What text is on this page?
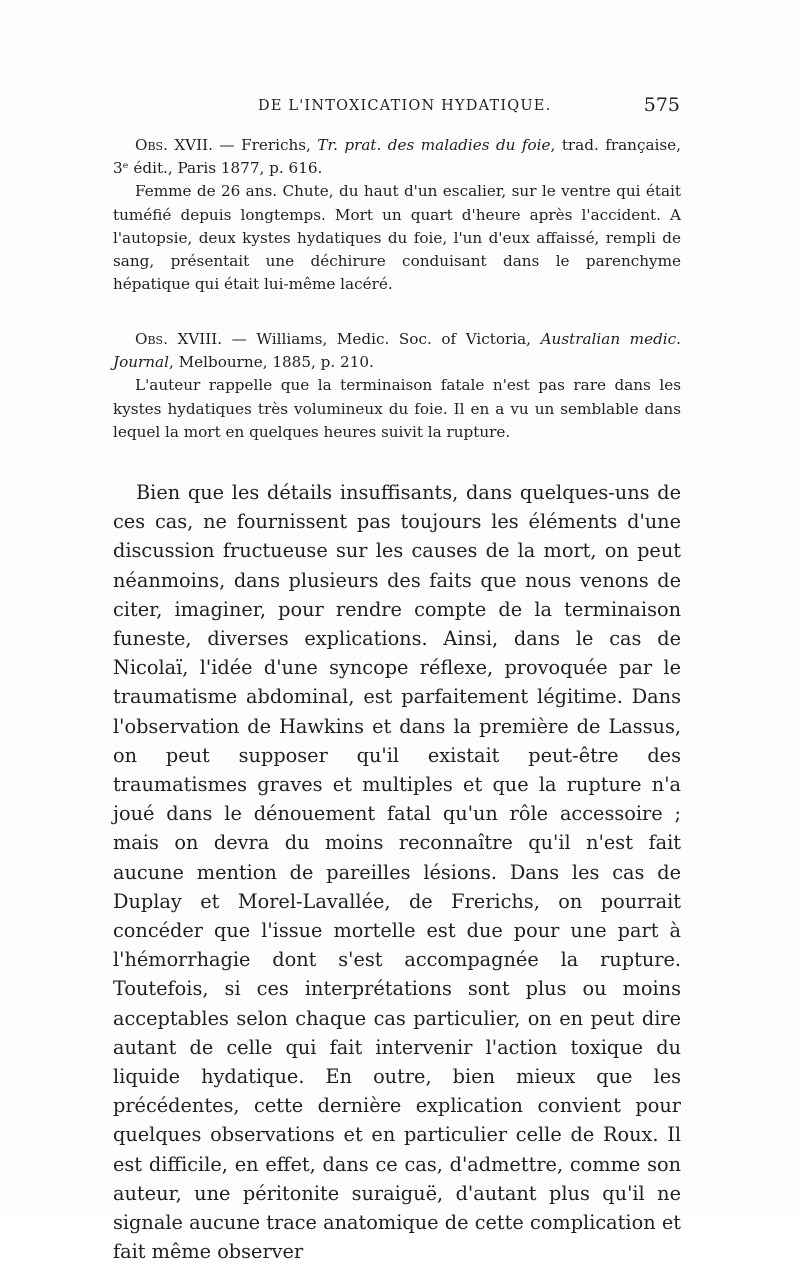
DE L'INTOXICATION HYDATIQUE.	575

Obs. XVII. — Frerichs, Tr. prat. des maladies du foie, trad. française, 3ᵉ édit., Paris 1877, p. 616.

Femme de 26 ans. Chute, du haut d'un escalier, sur le ventre qui était tuméfié depuis longtemps. Mort un quart d'heure après l'accident. A l'autopsie, deux kystes hydatiques du foie, l'un d'eux affaissé, rempli de sang, présentait une déchirure conduisant dans le parenchyme hépatique qui était lui-même lacéré.

Obs. XVIII. — Williams, Medic. Soc. of Victoria, Australian medic. Journal, Melbourne, 1885, p. 210.

L'auteur rappelle que la terminaison fatale n'est pas rare dans les kystes hydatiques très volumineux du foie. Il en a vu un semblable dans lequel la mort en quelques heures suivit la rupture.

Bien que les détails insuffisants, dans quelques-uns de ces cas, ne fournissent pas toujours les éléments d'une discussion fructueuse sur les causes de la mort, on peut néanmoins, dans plusieurs des faits que nous venons de citer, imaginer, pour rendre compte de la terminaison funeste, diverses explications. Ainsi, dans le cas de Nicolaï, l'idée d'une syncope réflexe, provoquée par le traumatisme abdominal, est parfaitement légitime. Dans l'observation de Hawkins et dans la première de Lassus, on peut supposer qu'il existait peut-être des traumatismes graves et multiples et que la rupture n'a joué dans le dénouement fatal qu'un rôle accessoire ; mais on devra du moins reconnaître qu'il n'est fait aucune mention de pareilles lésions. Dans les cas de Duplay et Morel-Lavallée, de Frerichs, on pourrait concéder que l'issue mortelle est due pour une part à l'hémorrhagie dont s'est accompagnée la rupture. Toutefois, si ces interprétations sont plus ou moins acceptables selon chaque cas particulier, on en peut dire autant de celle qui fait intervenir l'action toxique du liquide hydatique. En outre, bien mieux que les précédentes, cette dernière explication convient pour quelques observations et en particulier celle de Roux. Il est difficile, en effet, dans ce cas, d'admettre, comme son auteur, une péritonite suraiguë, d'autant plus qu'il ne signale aucune trace anatomique de cette complication et fait même observer
